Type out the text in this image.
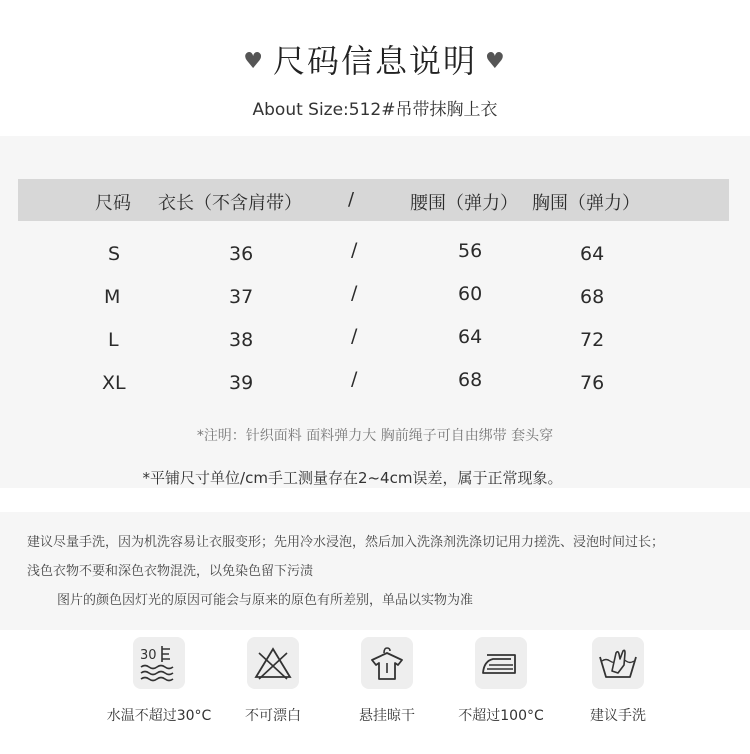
♥ 尺码信息说明 ♥
About Size:512#吊带抹胸上衣
尺码 衣长（不含肩带）	/	腰围（弹力） 胸围（弹力）
S	36	/	56	64
M	37	/	60	68
L	38	/	64	72
XL	39	/	68	76
*注明：针织面料 面料弹力大 胸前绳子可自由绑带 套头穿
*平铺尺寸单位/cm手工测量存在2~4cm误差，属于正常现象。
建议尽量手洗，因为机洗容易让衣服变形；先用冷水浸泡，然后加入洗涤剂洗涤切记用力搓洗、浸泡时间过长；
浅色衣物不要和深色衣物混洗，以免染色留下污渍
图片的颜色因灯光的原因可能会与原来的原色有所差别，单品以实物为准
30
水温不超过30°C	不可漂白	悬挂晾干	不超过100°C	建议手洗
